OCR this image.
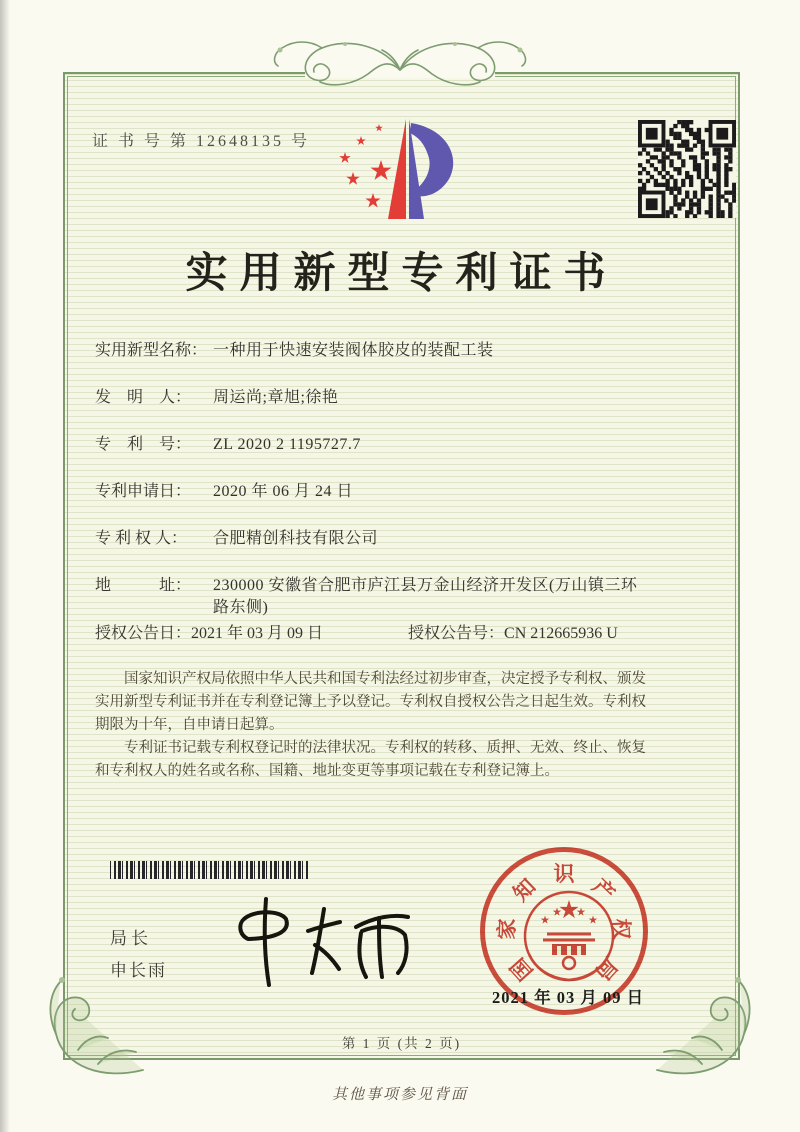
证 书 号 第 12648135 号
实用新型专利证书
实用新型名称： 一种用于快速安装阀体胶皮的装配工装
发　明　人：	周运尚;章旭;徐艳
专　利　号：	ZL 2020 2 1195727.7
专利申请日：	2020 年 06 月 24 日
专 利 权 人：	合肥精创科技有限公司
地　　　址：	230000 安徽省合肥市庐江县万金山经济开发区(万山镇三环路东侧)
授权公告日： 2021 年 03 月 09 日	授权公告号： CN 212665936 U

国家知识产权局依照中华人民共和国专利法经过初步审查，决定授予专利权、颁发实用新型专利证书并在专利登记簿上予以登记。专利权自授权公告之日起生效。专利权期限为十年，自申请日起算。

专利证书记载专利权登记时的法律状况。专利权的转移、质押、无效、终止、恢复和专利权人的姓名或名称、国籍、地址变更等事项记载在专利登记簿上。

局长
申长雨	国
家
知
识
产
权
局
2021 年 03 月 09 日
第 1 页 (共 2 页)
其他事项参见背面
